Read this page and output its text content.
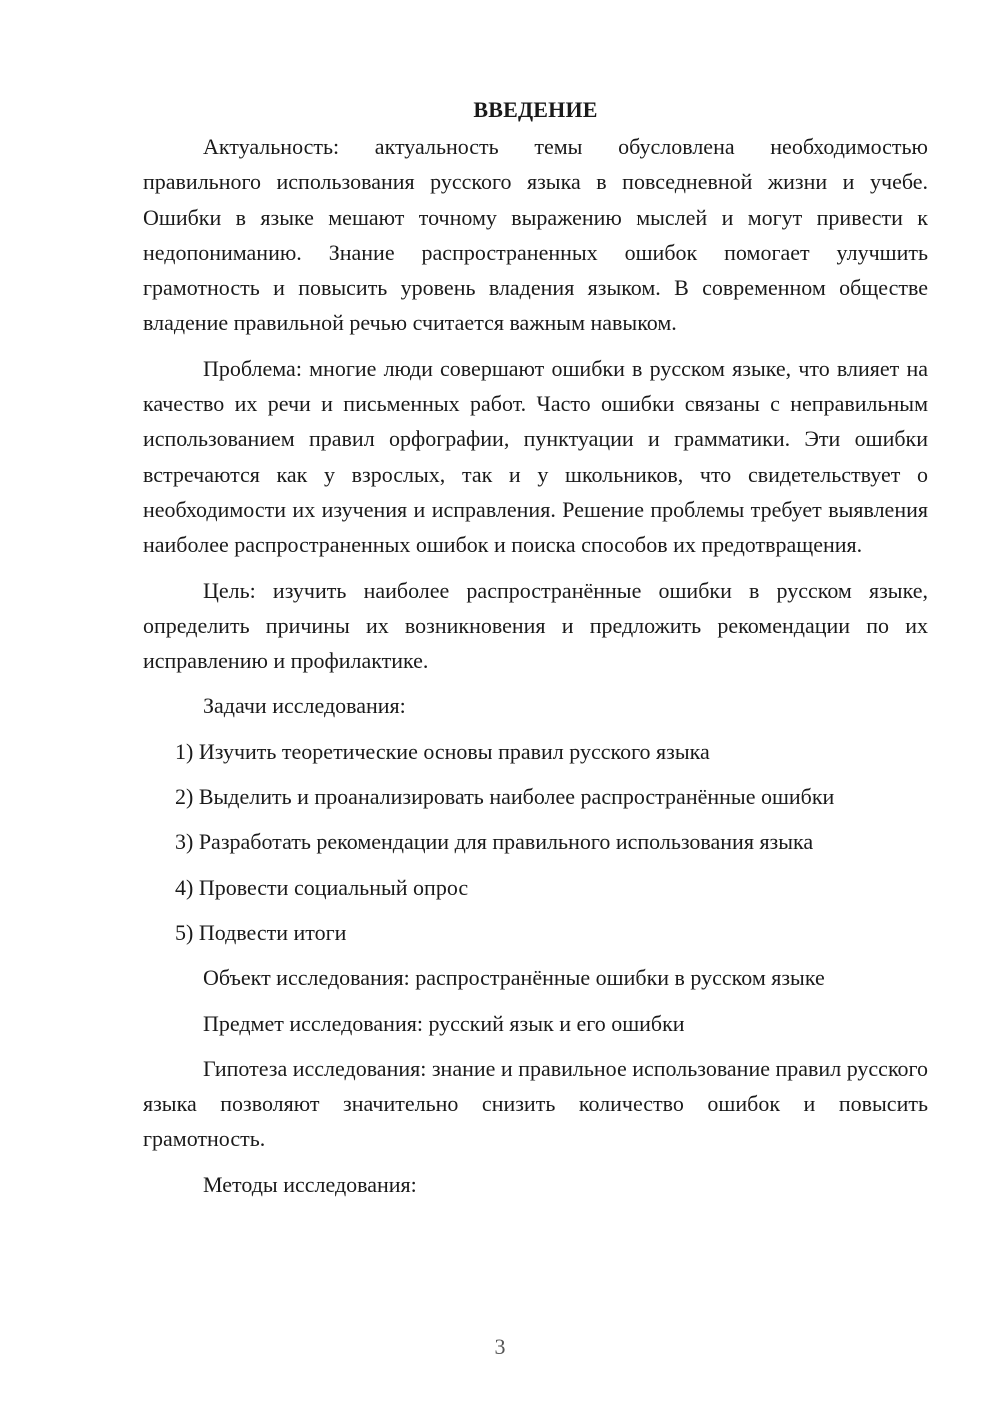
ВВЕДЕНИЕ

Актуальность: актуальность темы обусловлена необходимостью правильного использования русского языка в повседневной жизни и учебе. Ошибки в языке мешают точному выражению мыслей и могут привести к недопониманию. Знание распространенных ошибок помогает улучшить грамотность и повысить уровень владения языком. В современном обществе владение правильной речью считается важным навыком.

Проблема: многие люди совершают ошибки в русском языке, что влияет на качество их речи и письменных работ. Часто ошибки связаны с неправильным использованием правил орфографии, пунктуации и грамматики. Эти ошибки встречаются как у взрослых, так и у школьников, что свидетельствует о необходимости их изучения и исправления. Решение проблемы требует выявления наиболее распространенных ошибок и поиска способов их предотвращения.

Цель: изучить наиболее распространённые ошибки в русском языке, определить причины их возникновения и предложить рекомендации по их исправлению и профилактике.

Задачи исследования:

1) Изучить теоретические основы правил русского языка

2) Выделить и проанализировать наиболее распространённые ошибки

3) Разработать рекомендации для правильного использования языка

4) Провести социальный опрос

5) Подвести итоги

Объект исследования: распространённые ошибки в русском языке

Предмет исследования: русский язык и его ошибки

Гипотеза исследования: знание и правильное использование правил русского языка позволяют значительно снизить количество ошибок и повысить грамотность.

Методы исследования:

3
